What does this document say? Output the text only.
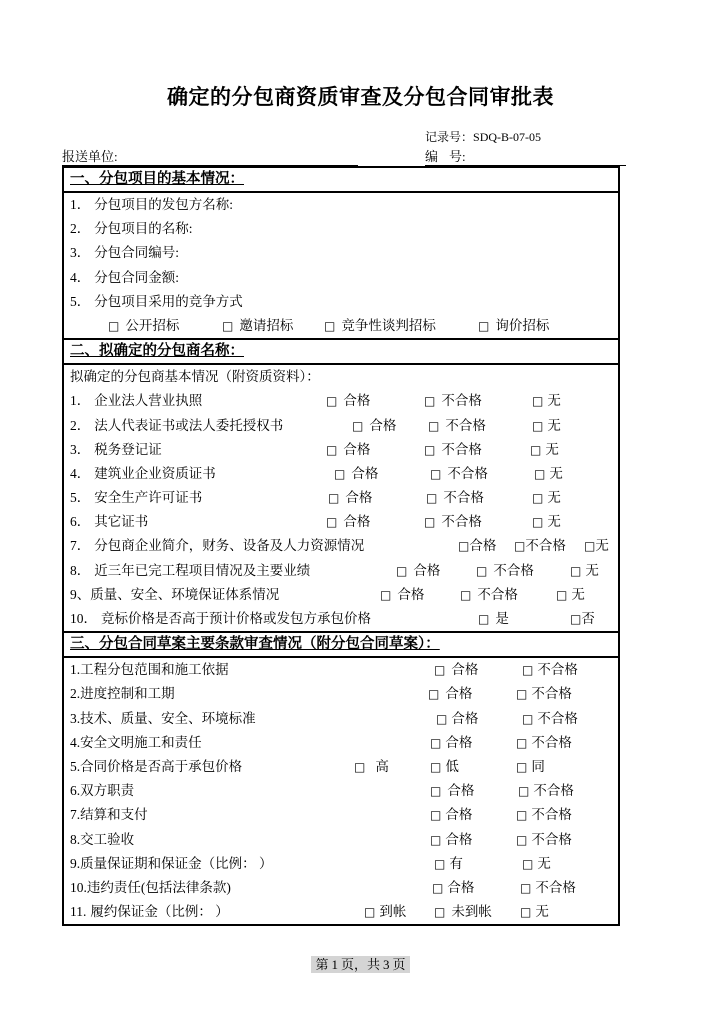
确定的分包商资质审查及分包合同审批表
记录号：SDQ-B-07-05
报送单位:	编 号:
一、分包项目的基本情况：
1． 分包项目的发包方名称:
2． 分包项目的名称:
3． 分包合同编号:
4． 分包合同金额:
5． 分包项目采用的竞争方式
□ 公开招标	□ 邀请招标	□ 竞争性谈判招标	□ 询价招标
二、拟确定的分包商名称：
拟确定的分包商基本情况（附资质资料）：
1． 企业法人营业执照	□ 合格	□ 不合格	□ 无
2． 法人代表证书或法人委托授权书	□ 合格	□ 不合格	□ 无
3． 税务登记证	□ 合格	□ 不合格	□ 无
4． 建筑业企业资质证书	□ 合格	□ 不合格	□ 无
5． 安全生产许可证书	□ 合格	□ 不合格	□ 无
6． 其它证书	□ 合格	□ 不合格	□ 无
7． 分包商企业简介，财务、设备及人力资源情况	□合格 □不合格 □无
8． 近三年已完工程项目情况及主要业绩	□ 合格	□ 不合格	□ 无
9、质量、安全、环境保证体系情况	□ 合格	□ 不合格	□ 无
10． 竞标价格是否高于预计价格或发包方承包价格	□ 是	□否
三、分包合同草案主要条款审查情况（附分包合同草案）：
1.工程分包范围和施工依据	□ 合格	□ 不合格
2.进度控制和工期	□ 合格	□ 不合格
3.技术、质量、安全、环境标准	□ 合格	□ 不合格
4.安全文明施工和责任	□ 合格	□ 不合格
5.合同价格是否高于承包价格	□ 高	□ 低	□ 同
6.双方职责	□ 合格	□ 不合格
7.结算和支付	□ 合格	□ 不合格
8.交工验收	□ 合格	□ 不合格
9.质量保证期和保证金（比例： ）	□ 有	□ 无
10.违约责任(包括法律条款)	□ 合格	□ 不合格
11. 履约保证金（比例： ）	□ 到帐 □ 未到帐 □ 无
第 1 页，共 3 页
